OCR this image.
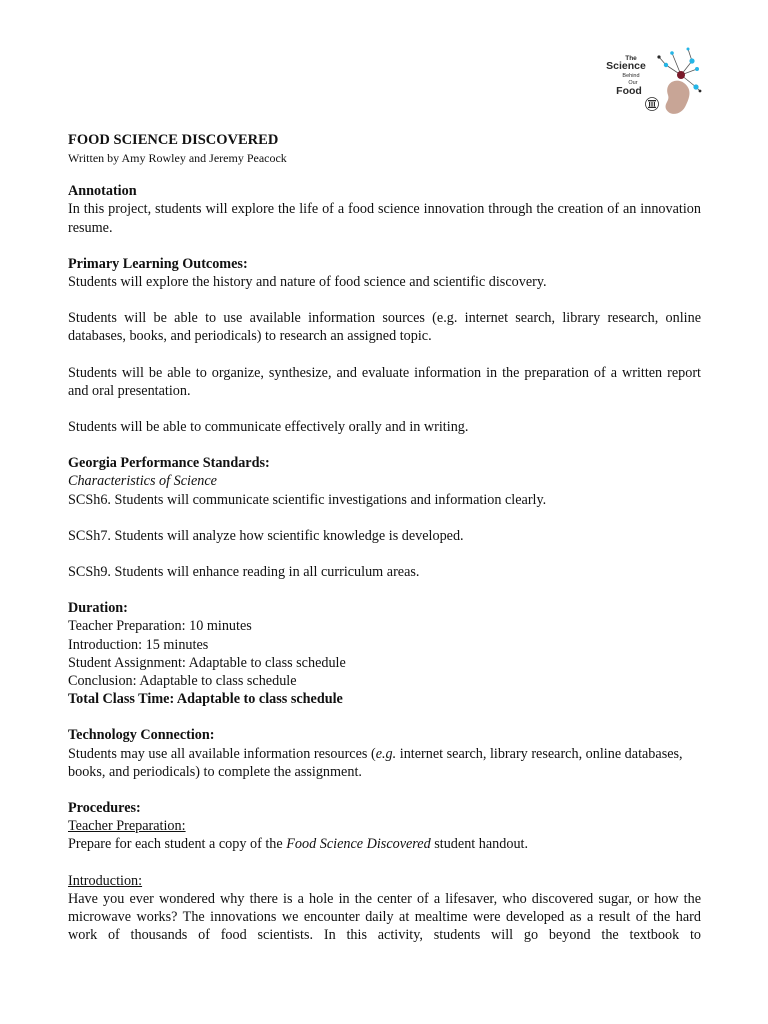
The
Science
Behind
Our
Food

FOOD SCIENCE DISCOVERED

Written by Amy Rowley and Jeremy Peacock

Annotation

In this project, students will explore the life of a food science innovation through the creation of an innovation resume.

Primary Learning Outcomes:

Students will explore the history and nature of food science and scientific discovery.

Students will be able to use available information sources (e.g. internet search, library research, online databases, books, and periodicals) to research an assigned topic.

Students will be able to organize, synthesize, and evaluate information in the preparation of a written report and oral presentation.

Students will be able to communicate effectively orally and in writing.

Georgia Performance Standards:

Characteristics of Science

SCSh6. Students will communicate scientific investigations and information clearly.

SCSh7. Students will analyze how scientific knowledge is developed.

SCSh9. Students will enhance reading in all curriculum areas.

Duration:

Teacher Preparation: 10 minutes

Introduction: 15 minutes

Student Assignment: Adaptable to class schedule

Conclusion: Adaptable to class schedule

Total Class Time: Adaptable to class schedule

Technology Connection:

Students may use all available information resources (e.g. internet search, library research, online databases, books, and periodicals) to complete the assignment.

Procedures:

Teacher Preparation:

Prepare for each student a copy of the Food Science Discovered student handout.

Introduction:

Have you ever wondered why there is a hole in the center of a lifesaver, who discovered sugar, or how the microwave works? The innovations we encounter daily at mealtime were developed as a result of the hard work of thousands of food scientists. In this activity, students will go beyond the textbook to
